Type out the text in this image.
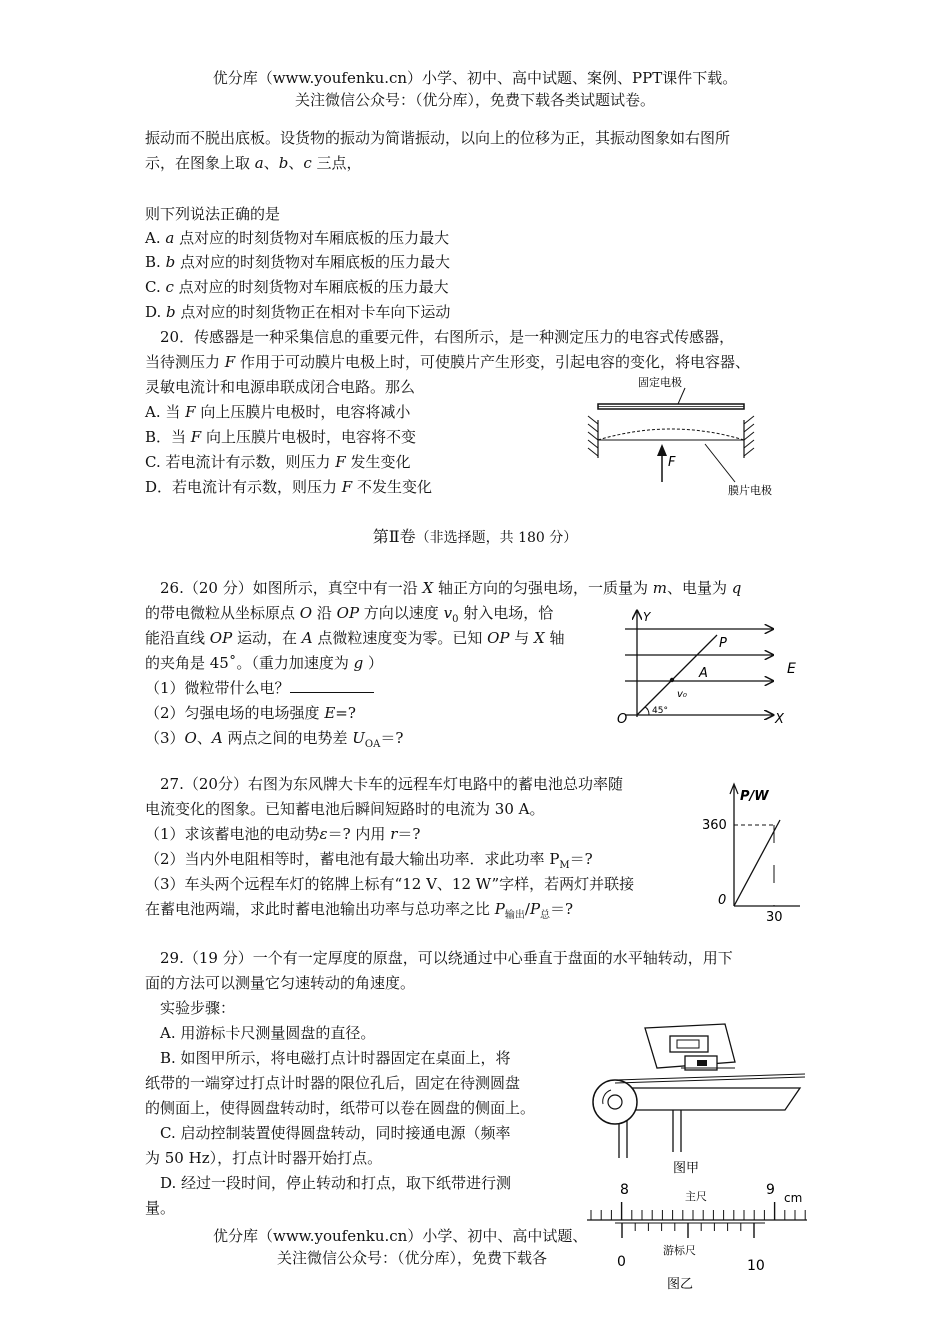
优分库（www.youfenku.cn）小学、初中、高中试题、案例、PPT课件下载。
关注微信公众号：（优分库），免费下载各类试题试卷。
振动而不脱出底板。设货物的振动为简谐振动，以向上的位移为正，其振动图象如右图所
示，在图象上取 a、b、c 三点，
则下列说法正确的是
A. a 点对应的时刻货物对车厢底板的压力最大
B. b 点对应的时刻货物对车厢底板的压力最大
C. c 点对应的时刻货物对车厢底板的压力最大
D. b 点对应的时刻货物正在相对卡车向下运动
20．传感器是一种采集信息的重要元件，右图所示，是一种测定压力的电容式传感器，
当待测压力 F 作用于可动膜片电极上时，可使膜片产生形变，引起电容的变化，将电容器、
灵敏电流计和电源串联成闭合电路。那么
A. 当 F 向上压膜片电极时，电容将减小
B．当 F 向上压膜片电极时，电容将不变
C. 若电流计有示数，则压力 F 发生变化
D．若电流计有示数，则压力 F 不发生变化
固定电极
F
膜片电极
第Ⅱ卷（非选择题，共 180 分）
26.（20 分）如图所示，真空中有一沿 X 轴正方向的匀强电场，一质量为 m、电量为 q
的带电微粒从坐标原点 O 沿 OP 方向以速度 $v_0$ 射入电场，恰
能沿直线 OP 运动，在 A 点微粒速度变为零。已知 OP 与 X 轴
的夹角是 45˚。（重力加速度为 g ）
（1）微粒带什么电？
（2）匀强电场的电场强度 E=?
（3）O、A 两点之间的电势差 $U_{OA}=$?
Y
X
E
P
A
v₀
45°
O
27.（20分）右图为东风牌大卡车的远程车灯电路中的蓄电池总功率随
电流变化的图象。已知蓄电池后瞬间短路时的电流为 30 A。
（1）求该蓄电池的电动势ε＝? 内用 r＝?
（2）当内外电阻相等时，蓄电池有最大输出功率．求此功率 $P_M=$?
（3）车头两个远程车灯的铭牌上标有“12 V、12 W”字样，若两灯并联接
在蓄电池两端，求此时蓄电池输出功率与总功率之比 $P_{输出}/P_总=$?
P/W
360
0
30
29.（19 分）一个有一定厚度的原盘，可以绕通过中心垂直于盘面的水平轴转动，用下
面的方法可以测量它匀速转动的角速度。
实验步骤：
A. 用游标卡尺测量圆盘的直径。
B. 如图甲所示，将电磁打点计时器固定在桌面上，将
纸带的一端穿过打点计时器的限位孔后，固定在待测圆盘
的侧面上，使得圆盘转动时，纸带可以卷在圆盘的侧面上。
C. 启动控制装置使得圆盘转动，同时接通电源（频率
为 50 Hz），打点计时器开始打点。
D. 经过一段时间，停止转动和打点，取下纸带进行测
量。
图甲
8	9 cm
主尺
游标尺
0	10
图乙
优分库（www.youfenku.cn）小学、初中、高中试题、
关注微信公众号：（优分库），免费下载各
